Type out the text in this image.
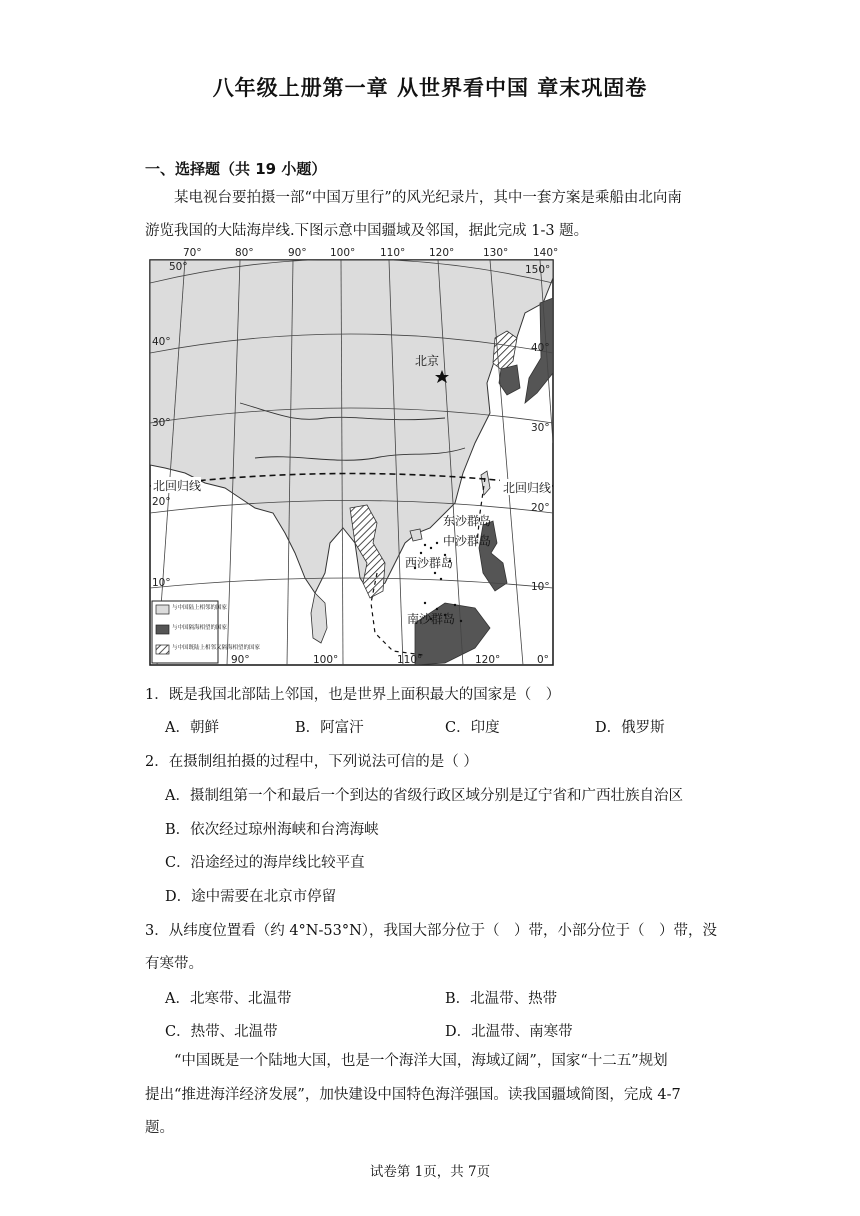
八年级上册第一章 从世界看中国 章末巩固卷
一、选择题（共 19 小题）
某电视台要拍摄一部“中国万里行”的风光纪录片，其中一套方案是乘船由北向南
游览我国的大陆海岸线.下图示意中国疆域及邻国，据此完成 1-3 题。
70°	80°	90° 100° 110° 120°	130° 140°
50°
40°
30°
20°
10°
150°
40°
30°
20°
10°
北回归线	北回归线
北京
东沙群岛
中沙群岛
西沙群岛
南沙群岛
与中国陆上相邻的国家
与中国隔海相望的国家
与中国既陆上相邻又隔海相望的国家
90°	100°	110°	120°	0°
1．既是我国北部陆上邻国，也是世界上面积最大的国家是（　）
A．朝鲜	B．阿富汗	C．印度	D．俄罗斯
2．在摄制组拍摄的过程中，下列说法可信的是（ ）
A．摄制组第一个和最后一个到达的省级行政区域分别是辽宁省和广西壮族自治区
B．依次经过琼州海峡和台湾海峡
C．沿途经过的海岸线比较平直
D．途中需要在北京市停留
3．从纬度位置看（约 4°N-53°N），我国大部分位于（　）带，小部分位于（　）带，没
有寒带。
A．北寒带、北温带	B．北温带、热带
C．热带、北温带	D．北温带、南寒带
“中国既是一个陆地大国，也是一个海洋大国，海域辽阔”，国家“十二五”规划
提出“推进海洋经济发展”，加快建设中国特色海洋强国。读我国疆域简图，完成 4-7
题。
试卷第 1页，共 7页
